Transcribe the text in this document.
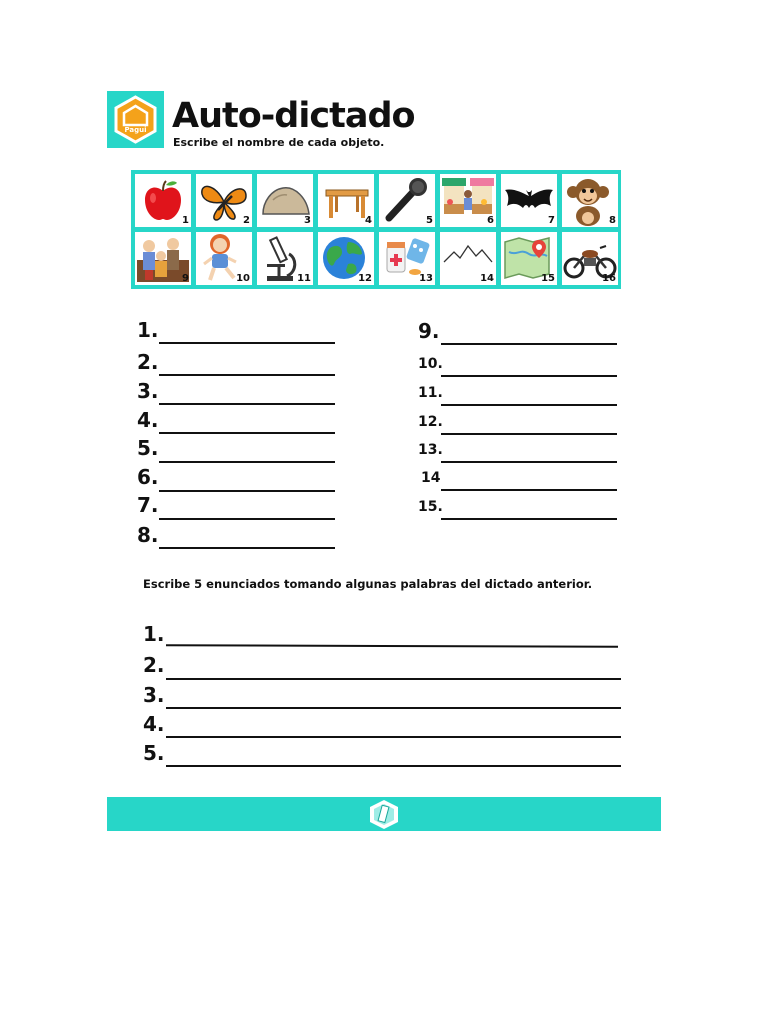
Pagui Auto-dictado
Escribe el nombre de cada objeto.
1	2	3	4	5	6	7	8
9	10	11	12	13	14	15	16
1.
2.
3.
4.
5.
6.
7.
8.
9.
10.
11.
12.
13.
14
15.
Escribe 5 enunciados tomando algunas palabras del dictado anterior.
1.
2.
3.
4.
5.
